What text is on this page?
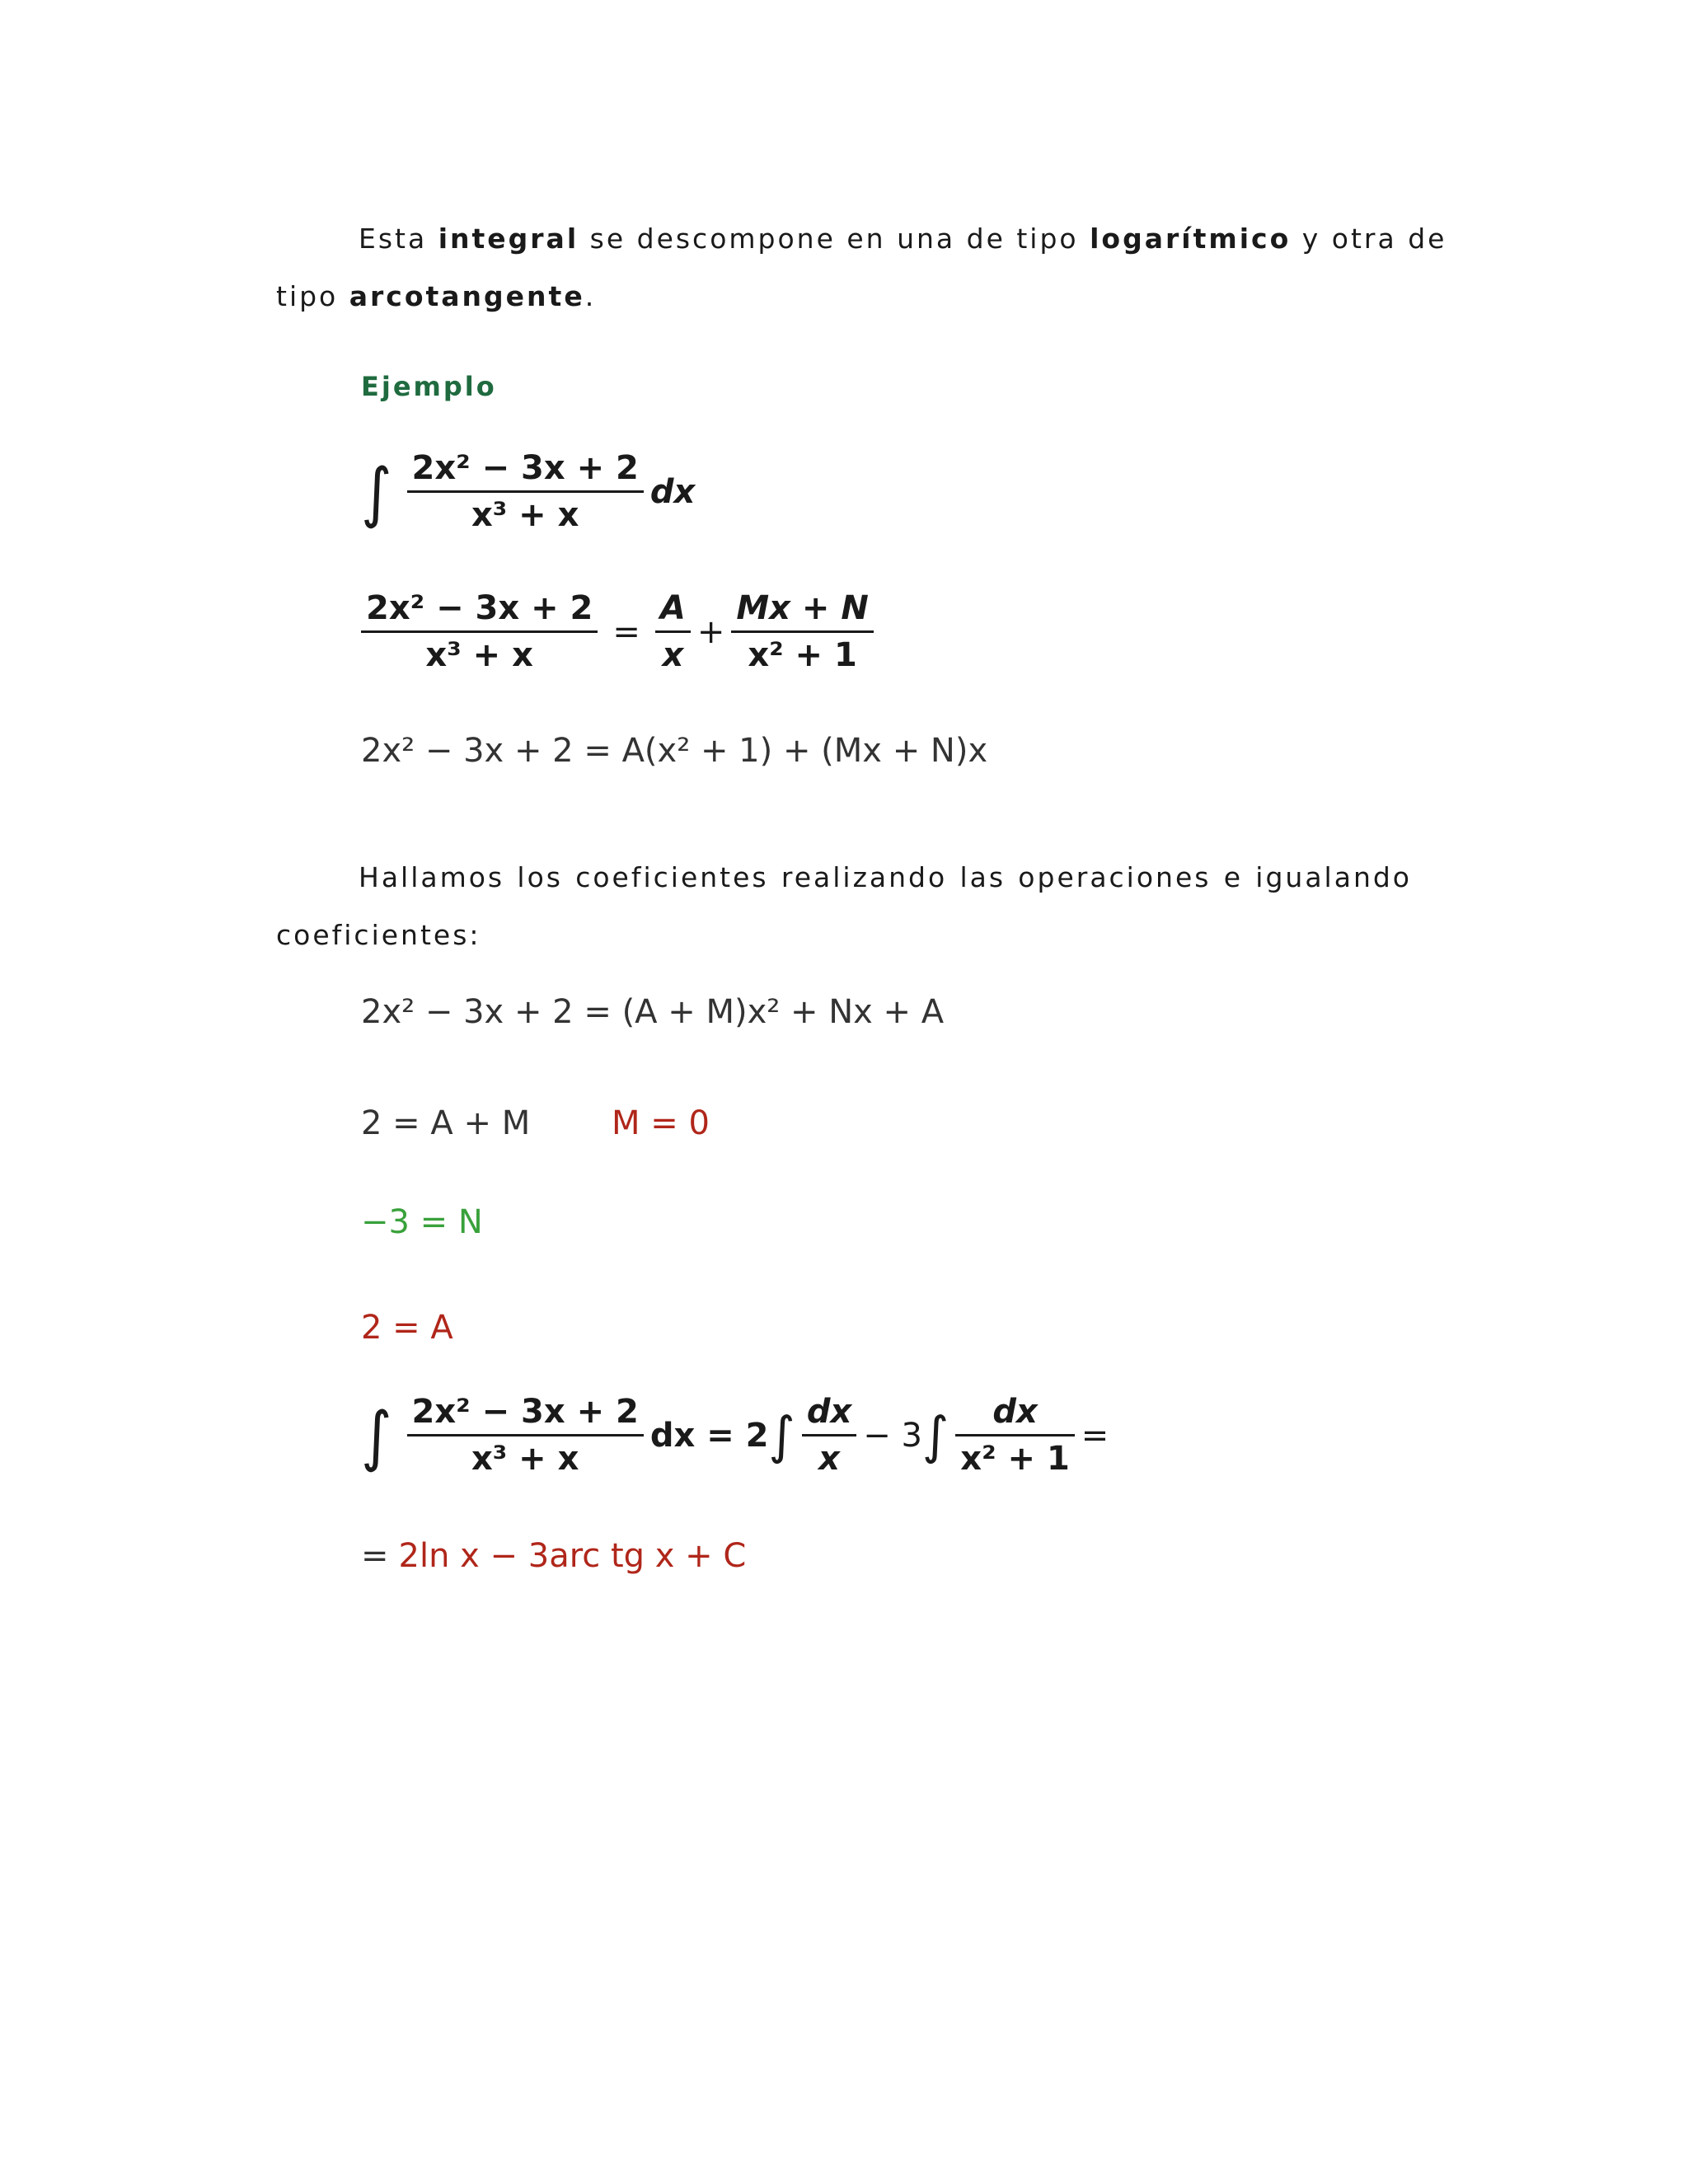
Esta integral se descompone en una de tipo logarítmico y otra de
tipo arcotangente.
Ejemplo
∫ $\frac{\text{2x² − 3x + 2}}{\text{x³ + x}}$ dx
$\frac{\text{2x² − 3x + 2}}{\text{x³ + x}} = \frac{A}{x} + \frac{Mx + N}{\text{x² + 1}}$
2x² − 3x + 2 = A(x² + 1) + (Mx + N)x
Hallamos los coeficientes realizando las operaciones e igualando
coeficientes:
2x² − 3x + 2 = (A + M)x² + Nx + A
2 = A + M M = 0
−3 = N
2 = A
∫ $\frac{\text{2x² − 3x + 2}}{\text{x³ + x}}$ dx = 2 ∫ $\frac{dx}{x} - 3$ ∫ $\frac{dx}{\text{x² + 1}}$ =
= 2ln x − 3arc tg x + C
